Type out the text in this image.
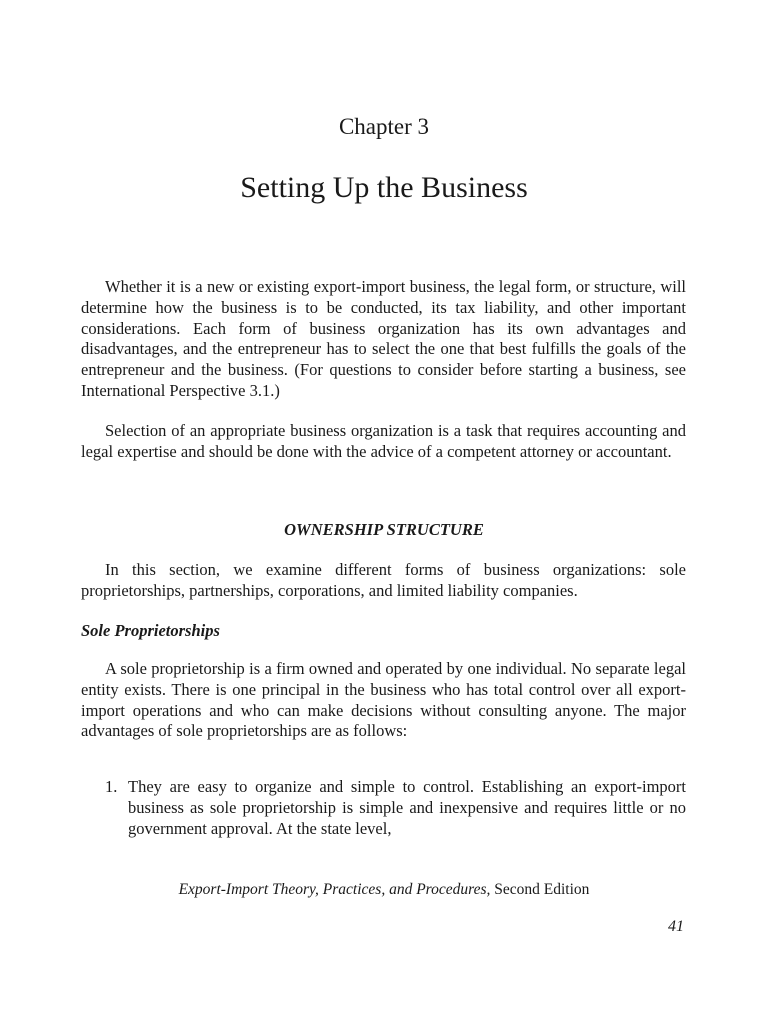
Chapter 3
Setting Up the Business

Whether it is a new or existing export-import business, the legal form, or structure, will determine how the business is to be conducted, its tax liability, and other important considerations. Each form of business organization has its own advantages and disadvantages, and the entrepreneur has to select the one that best fulfills the goals of the entrepreneur and the business. (For questions to consider before starting a business, see International Perspective 3.1.)

Selection of an appropriate business organization is a task that requires accounting and legal expertise and should be done with the advice of a competent attorney or accountant.

OWNERSHIP STRUCTURE

In this section, we examine different forms of business organizations: sole proprietorships, partnerships, corporations, and limited liability companies.

Sole Proprietorships

A sole proprietorship is a firm owned and operated by one individual. No separate legal entity exists. There is one principal in the business who has total control over all export-import operations and who can make decisions without consulting anyone. The major advantages of sole proprietorships are as follows:

1. They are easy to organize and simple to control. Establishing an export-import business as sole proprietorship is simple and inexpensive and requires little or no government approval. At the state level,
Export-Import Theory, Practices, and Procedures, Second Edition
41
